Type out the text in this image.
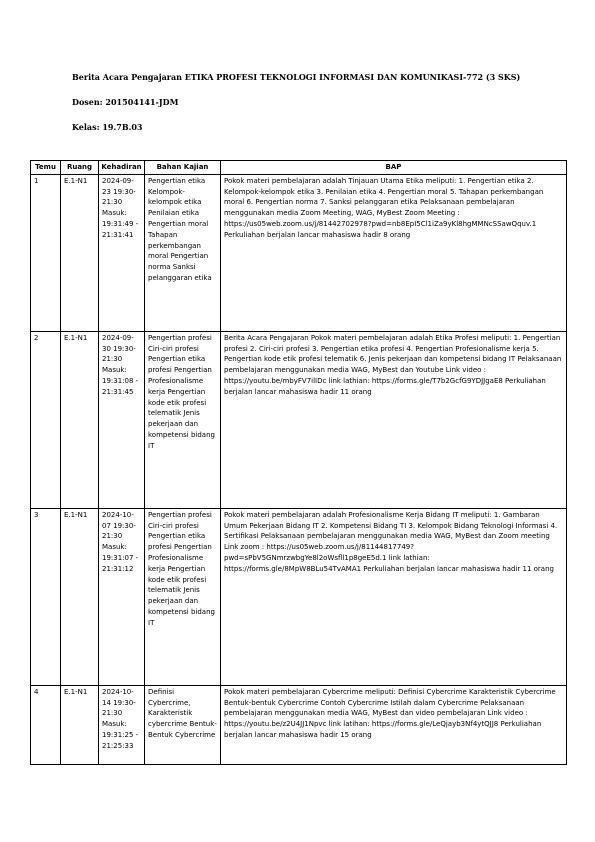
Berita Acara Pengajaran ETIKA PROFESI TEKNOLOGI INFORMASI DAN KOMUNIKASI-772 (3 SKS)
Dosen: 201504141-JDM
Kelas: 19.7B.03
Temu	Ruang	Kehadiran	Bahan Kajian	BAP
1	E.1-N1	2024-09-23 19:30-21:30 Masuk: 19:31:49 - 21:31:41	Pengertian etika Kelompok-kelompok etika Penilaian etika Pengertian moral Tahapan perkembangan moral Pengertian norma Sanksi pelanggaran etika	Pokok materi pembelajaran adalah Tinjauan Utama Etika meliputi: 1. Pengertian etika 2. Kelompok-kelompok etika 3. Penilaian etika 4. Pengertian moral 5. Tahapan perkembangan moral 6. Pengertian norma 7. Sanksi pelanggaran etika Pelaksanaan pembelajaran menggunakan media Zoom Meeting, WAG, MyBest Zoom Meeting : https://us05web.zoom.us/j/81442702978?pwd=nb8EpI5Cl1iZa9yKl8hgMMNcSSawQquv.1 Perkuliahan berjalan lancar mahasiswa hadir 8 orang
2	E.1-N1	2024-09-30 19:30-21:30 Masuk: 19:31:08 - 21:31:45	Pengertian profesi Ciri-ciri profesi Pengertian etika profesi Pengertian Profesionalisme kerja Pengertian kode etik profesi telematik Jenis pekerjaan dan kompetensi bidang IT	Berita Acara Pengajaran Pokok materi pembelajaran adalah Etika Profesi meliputi: 1. Pengertian profesi 2. Ciri-ciri profesi 3. Pengertian etika profesi 4. Pengertian Profesionalisme kerja 5. Pengertian kode etik profesi telematik 6. Jenis pekerjaan dan kompetensi bidang IT Pelaksanaan pembelajaran menggunakan media WAG, MyBest dan Youtube Link video : https://youtu.be/mbyFV7ilIDc link lathian: https://forms.gle/T7b2GcfG9YDJJgaE8 Perkuliahan berjalan lancar mahasiswa hadir 11 orang
3	E.1-N1	2024-10-07 19:30-21:30 Masuk: 19:31:07 - 21:31:12	Pengertian profesi Ciri-ciri profesi Pengertian etika profesi Pengertian Profesionalisme kerja Pengertian kode etik profesi telematik Jenis pekerjaan dan kompetensi bidang IT	Pokok materi pembelajaran adalah Profesionalisme Kerja Bidang IT meliputi: 1. Gambaran Umum Pekerjaan Bidang IT 2. Kompetensi Bidang TI 3. Kelompok Bidang Teknologi Informasi 4. Sertifikasi Pelaksanaan pembelajaran menggunakan media WAG, MyBest dan Zoom meeting Link zoom : https://us05web.zoom.us/j/81144817749?pwd=sPbV5GNmrzwbgYe8l2oWsfll1p8geE5d.1 link lathian: https://forms.gle/8MpW8BLu54TvAMA1 Perkuliahan berjalan lancar mahasiswa hadir 11 orang
4	E.1-N1	2024-10-14 19:30-21:30 Masuk: 19:31:25 - 21:25:33	Definisi Cybercrime, Karakteristik cybercrime Bentuk-Bentuk Cybercrime	Pokok materi pembelajaran Cybercrime meliputi: Definisi Cybercrime Karakteristik Cybercrime Bentuk-bentuk Cybercrime Contoh Cybercrime Istilah dalam Cybercrime Pelaksanaan pembelajaran menggunakan media WAG, MyBest dan video pembelajaran Link video : https://youtu.be/z2U4JJ1Npvc link latihan: https://forms.gle/LeQjayb3Nf4ytQJJ8 Perkuliahan berjalan lancar mahasiswa hadir 15 orang
